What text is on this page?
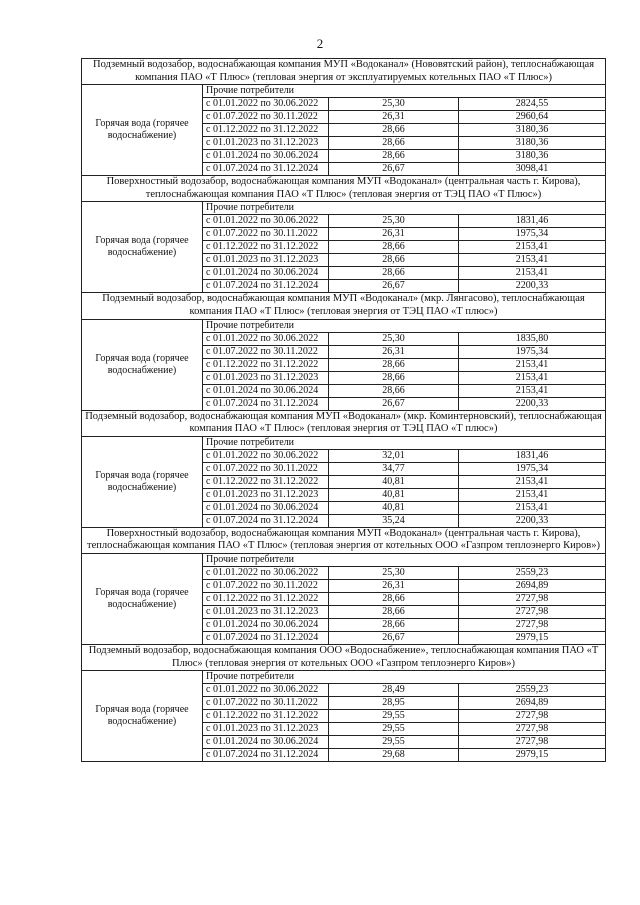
2
Подземный водозабор, водоснабжающая компания МУП «Водоканал» (Нововятский район), теплоснабжающая компания ПАО «Т Плюс» (тепловая энергия от эксплуатируемых котельных ПАО «Т Плюс»)			
Горячая вода (горячее водоснабжение)	Прочие потребители		
	с 01.01.2022 по 30.06.2022	25,30	2824,55
	с 01.07.2022 по 30.11.2022	26,31	2960,64
	с 01.12.2022 по 31.12.2022	28,66	3180,36
	с 01.01.2023 по 31.12.2023	28,66	3180,36
	с 01.01.2024 по 30.06.2024	28,66	3180,36
	с 01.07.2024 по 31.12.2024	26,67	3098,41
Поверхностный водозабор, водоснабжающая компания МУП «Водоканал» (центральная часть г. Кирова), теплоснабжающая компания ПАО «Т Плюс» (тепловая энергия от ТЭЦ ПАО «Т Плюс»)			
Горячая вода (горячее водоснабжение)	Прочие потребители		
	с 01.01.2022 по 30.06.2022	25,30	1831,46
	с 01.07.2022 по 30.11.2022	26,31	1975,34
	с 01.12.2022 по 31.12.2022	28,66	2153,41
	с 01.01.2023 по 31.12.2023	28,66	2153,41
	с 01.01.2024 по 30.06.2024	28,66	2153,41
	с 01.07.2024 по 31.12.2024	26,67	2200,33
Подземный водозабор, водоснабжающая компания МУП «Водоканал» (мкр. Лянгасово), теплоснабжающая компания ПАО «Т Плюс» (тепловая энергия от ТЭЦ ПАО «Т плюс»)			
Горячая вода (горячее водоснабжение)	Прочие потребители		
	с 01.01.2022 по 30.06.2022	25,30	1835,80
	с 01.07.2022 по 30.11.2022	26,31	1975,34
	с 01.12.2022 по 31.12.2022	28,66	2153,41
	с 01.01.2023 по 31.12.2023	28,66	2153,41
	с 01.01.2024 по 30.06.2024	28,66	2153,41
	с 01.07.2024 по 31.12.2024	26,67	2200,33
Подземный водозабор, водоснабжающая компания МУП «Водоканал» (мкр. Коминтерновский), теплоснабжающая компания ПАО «Т Плюс» (тепловая энергия от ТЭЦ ПАО «Т плюс»)			
Горячая вода (горячее водоснабжение)	Прочие потребители		
	с 01.01.2022 по 30.06.2022	32,01	1831,46
	с 01.07.2022 по 30.11.2022	34,77	1975,34
	с 01.12.2022 по 31.12.2022	40,81	2153,41
	с 01.01.2023 по 31.12.2023	40,81	2153,41
	с 01.01.2024 по 30.06.2024	40,81	2153,41
	с 01.07.2024 по 31.12.2024	35,24	2200,33
Поверхностный водозабор, водоснабжающая компания МУП «Водоканал» (центральная часть г. Кирова), теплоснабжающая компания ПАО «Т Плюс» (тепловая энергия от котельных ООО «Газпром теплоэнерго Киров»)			
Горячая вода (горячее водоснабжение)	Прочие потребители		
	с 01.01.2022 по 30.06.2022	25,30	2559,23
	с 01.07.2022 по 30.11.2022	26,31	2694,89
	с 01.12.2022 по 31.12.2022	28,66	2727,98
	с 01.01.2023 по 31.12.2023	28,66	2727,98
	с 01.01.2024 по 30.06.2024	28,66	2727,98
	с 01.07.2024 по 31.12.2024	26,67	2979,15
Подземный водозабор, водоснабжающая компания ООО «Водоснабжение», теплоснабжающая компания ПАО «Т Плюс» (тепловая энергия от котельных ООО «Газпром теплоэнерго Киров»)			
Горячая вода (горячее водоснабжение)	Прочие потребители		
	с 01.01.2022 по 30.06.2022	28,49	2559,23
	с 01.07.2022 по 30.11.2022	28,95	2694,89
	с 01.12.2022 по 31.12.2022	29,55	2727,98
	с 01.01.2023 по 31.12.2023	29,55	2727,98
	с 01.01.2024 по 30.06.2024	29,55	2727,98
	с 01.07.2024 по 31.12.2024	29,68	2979,15
